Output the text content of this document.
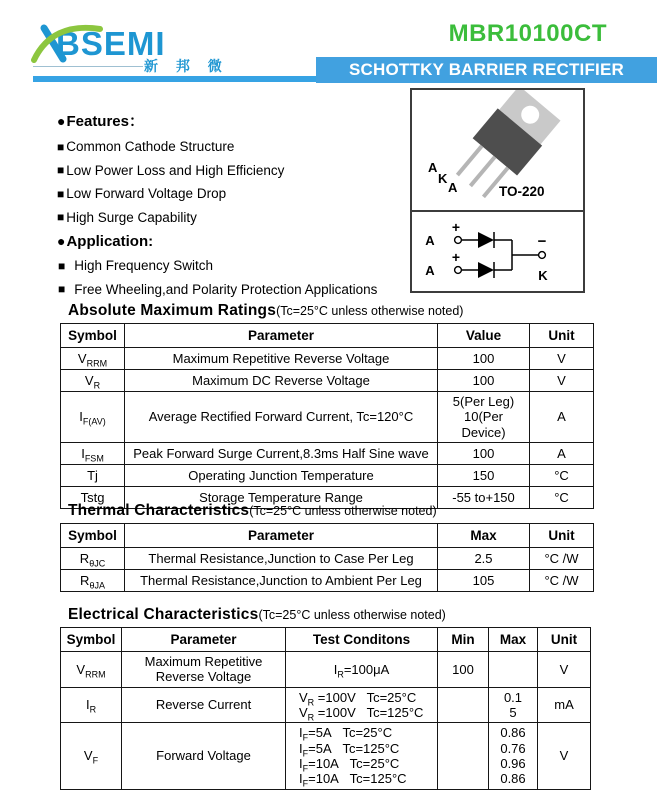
BSEMI
新 邦 微
MBR10100CT
SCHOTTKY BARRIER RECTIFIER
●Features：
■ Common Cathode Structure
■ Low Power Loss and High Efficiency
■ Low Forward Voltage Drop
■ High Surge Capability
●Application:
■ High Frequency Switch
■ Free Wheeling,and Polarity Protection Applications
A
K
A	TO-220
A
+
A
+
−
K
Absolute Maximum Ratings(Tc=25°C unless otherwise noted)
Symbol	Parameter	Value	Unit
$V_{RRM}$	Maximum Repetitive Reverse Voltage	100	V
$V_R$	Maximum DC Reverse Voltage	100	V
$I_{F(AV)}$	Average Rectified Forward Current, Tc=120°C	5(Per Leg)
10(Per Device)	A
$I_{FSM}$	Peak Forward Surge Current,8.3ms Half Sine wave	100	A
Tj	Operating Junction Temperature	150	°C
Tstg	Storage Temperature Range	-55 to+150	°C
Thermal Characteristics(Tc=25°C unless otherwise noted)
Symbol	Parameter	Max	Unit
$R_{\theta JC}$	Thermal Resistance,Junction to Case Per Leg	2.5	°C /W
$R_{\theta JA}$	Thermal Resistance,Junction to Ambient Per Leg	105	°C /W
Electrical Characteristics(Tc=25°C unless otherwise noted)
Symbol	Parameter	Test Conditons	Min	Max	Unit
$V_{RRM}$	Maximum Repetitive
Reverse Voltage	$I_R=100\mu A$	100		V
$I_R$	Reverse Current	$V_R =100V$   Tc=25°C
$V_R =100V$   Tc=125°C		0.1
5	mA
$V_F$	Forward Voltage	$I_F=5A$   Tc=25°C
$I_F=5A$   Tc=125°C
$I_F=10A$   Tc=25°C
$I_F=10A$   Tc=125°C		0.86
0.76
0.96
0.86	V
